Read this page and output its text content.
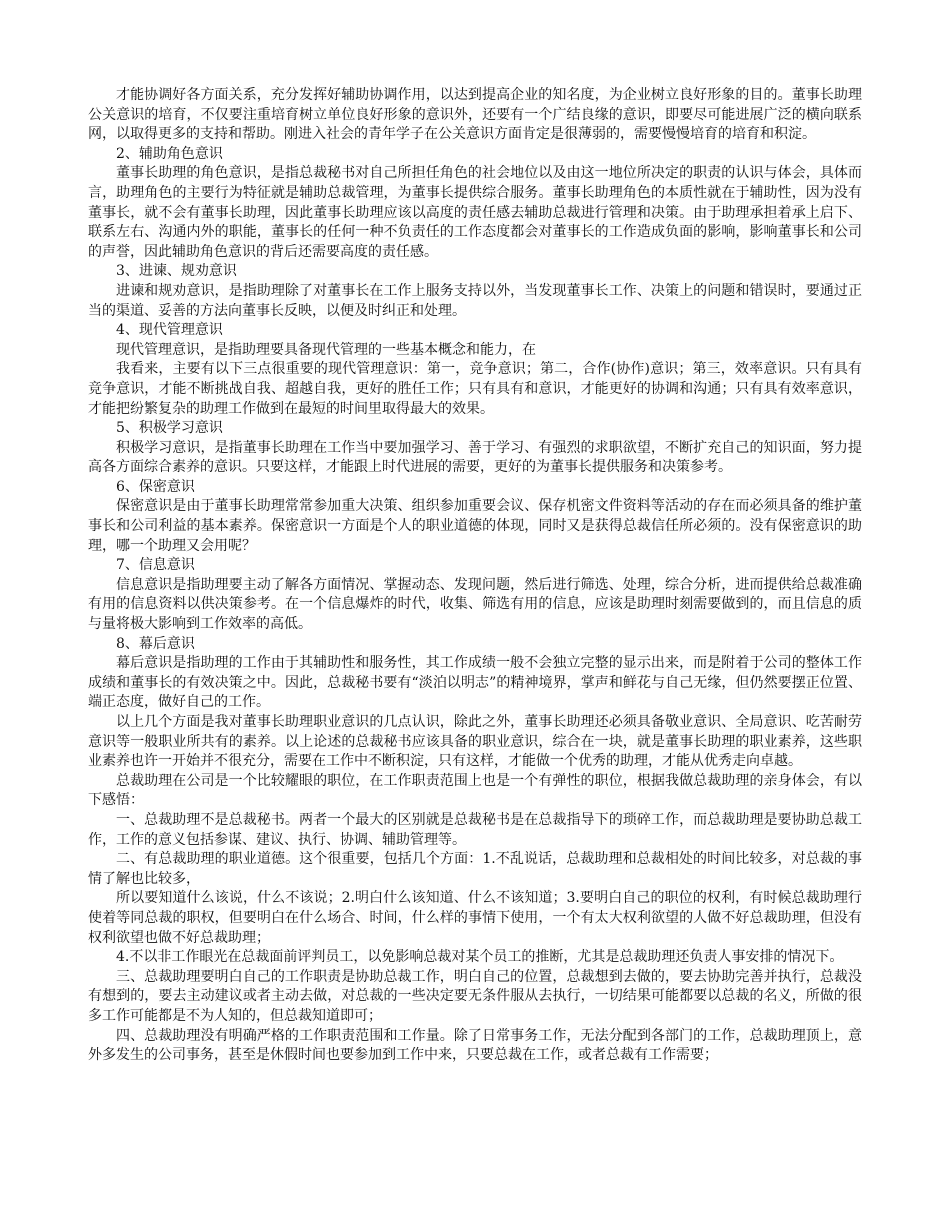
才能协调好各方面关系，充分发挥好辅助协调作用，以达到提高企业的知名度，为企业树立良好形象的目的。董事长助理公关意识的培育，不仅要注重培育树立单位良好形象的意识外，还要有一个广结良缘的意识，即要尽可能进展广泛的横向联系网，以取得更多的支持和帮助。刚进入社会的青年学子在公关意识方面肯定是很薄弱的，需要慢慢培育的培育和积淀。

2、辅助角色意识

董事长助理的角色意识，是指总裁秘书对自己所担任角色的社会地位以及由这一地位所决定的职责的认识与体会，具体而言，助理角色的主要行为特征就是辅助总裁管理，为董事长提供综合服务。董事长助理角色的本质性就在于辅助性，因为没有董事长，就不会有董事长助理，因此董事长助理应该以高度的责任感去辅助总裁进行管理和决策。由于助理承担着承上启下、联系左右、沟通内外的职能，董事长的任何一种不负责任的工作态度都会对董事长的工作造成负面的影响，影响董事长和公司的声誉，因此辅助角色意识的背后还需要高度的责任感。

3、进谏、规劝意识

进谏和规劝意识，是指助理除了对董事长在工作上服务支持以外，当发现董事长工作、决策上的问题和错误时，要通过正当的渠道、妥善的方法向董事长反映，以便及时纠正和处理。

4、现代管理意识

现代管理意识，是指助理要具备现代管理的一些基本概念和能力，在

我看来，主要有以下三点很重要的现代管理意识：第一，竞争意识；第二，合作(协作)意识；第三，效率意识。只有具有竞争意识，才能不断挑战自我、超越自我，更好的胜任工作；只有具有和意识，才能更好的协调和沟通；只有具有效率意识，才能把纷繁复杂的助理工作做到在最短的时间里取得最大的效果。

5、积极学习意识

积极学习意识，是指董事长助理在工作当中要加强学习、善于学习、有强烈的求职欲望，不断扩充自己的知识面，努力提高各方面综合素养的意识。只要这样，才能跟上时代进展的需要，更好的为董事长提供服务和决策参考。

6、保密意识

保密意识是由于董事长助理常常参加重大决策、组织参加重要会议、保存机密文件资料等活动的存在而必须具备的维护董事长和公司利益的基本素养。保密意识一方面是个人的职业道德的体现，同时又是获得总裁信任所必须的。没有保密意识的助理，哪一个助理又会用呢？

7、信息意识

信息意识是指助理要主动了解各方面情况、掌握动态、发现问题，然后进行筛选、处理，综合分析，进而提供给总裁准确有用的信息资料以供决策参考。在一个信息爆炸的时代，收集、筛选有用的信息，应该是助理时刻需要做到的，而且信息的质与量将极大影响到工作效率的高低。

8、幕后意识

幕后意识是指助理的工作由于其辅助性和服务性，其工作成绩一般不会独立完整的显示出来，而是附着于公司的整体工作成绩和董事长的有效决策之中。因此，总裁秘书要有“淡泊以明志”的精神境界，掌声和鲜花与自己无缘，但仍然要摆正位置、端正态度，做好自己的工作。

以上几个方面是我对董事长助理职业意识的几点认识，除此之外，董事长助理还必须具备敬业意识、全局意识、吃苦耐劳意识等一般职业所共有的素养。以上论述的总裁秘书应该具备的职业意识，综合在一块，就是董事长助理的职业素养，这些职业素养也许一开始并不很充分，需要在工作中不断积淀，只有这样，才能做一个优秀的助理，才能从优秀走向卓越。

总裁助理在公司是一个比较耀眼的职位，在工作职责范围上也是一个有弹性的职位，根据我做总裁助理的亲身体会，有以下感悟：

一、总裁助理不是总裁秘书。两者一个最大的区别就是总裁秘书是在总裁指导下的琐碎工作，而总裁助理是要协助总裁工作，工作的意义包括参谋、建议、执行、协调、辅助管理等。

二、有总裁助理的职业道德。这个很重要，包括几个方面：1.不乱说话，总裁助理和总裁相处的时间比较多，对总裁的事情了解也比较多，

所以要知道什么该说，什么不该说；2.明白什么该知道、什么不该知道；3.要明白自己的职位的权利，有时候总裁助理行使着等同总裁的职权，但要明白在什么场合、时间，什么样的事情下使用，一个有太大权利欲望的人做不好总裁助理，但没有权利欲望也做不好总裁助理；

4.不以非工作眼光在总裁面前评判员工，以免影响总裁对某个员工的推断，尤其是总裁助理还负责人事安排的情况下。

三、总裁助理要明白自己的工作职责是协助总裁工作，明白自己的位置，总裁想到去做的，要去协助完善并执行，总裁没有想到的，要去主动建议或者主动去做，对总裁的一些决定要无条件服从去执行，一切结果可能都要以总裁的名义，所做的很多工作可能都是不为人知的，但总裁知道即可；

四、总裁助理没有明确严格的工作职责范围和工作量。除了日常事务工作，无法分配到各部门的工作，总裁助理顶上，意外多发生的公司事务，甚至是休假时间也要参加到工作中来，只要总裁在工作，或者总裁有工作需要；
